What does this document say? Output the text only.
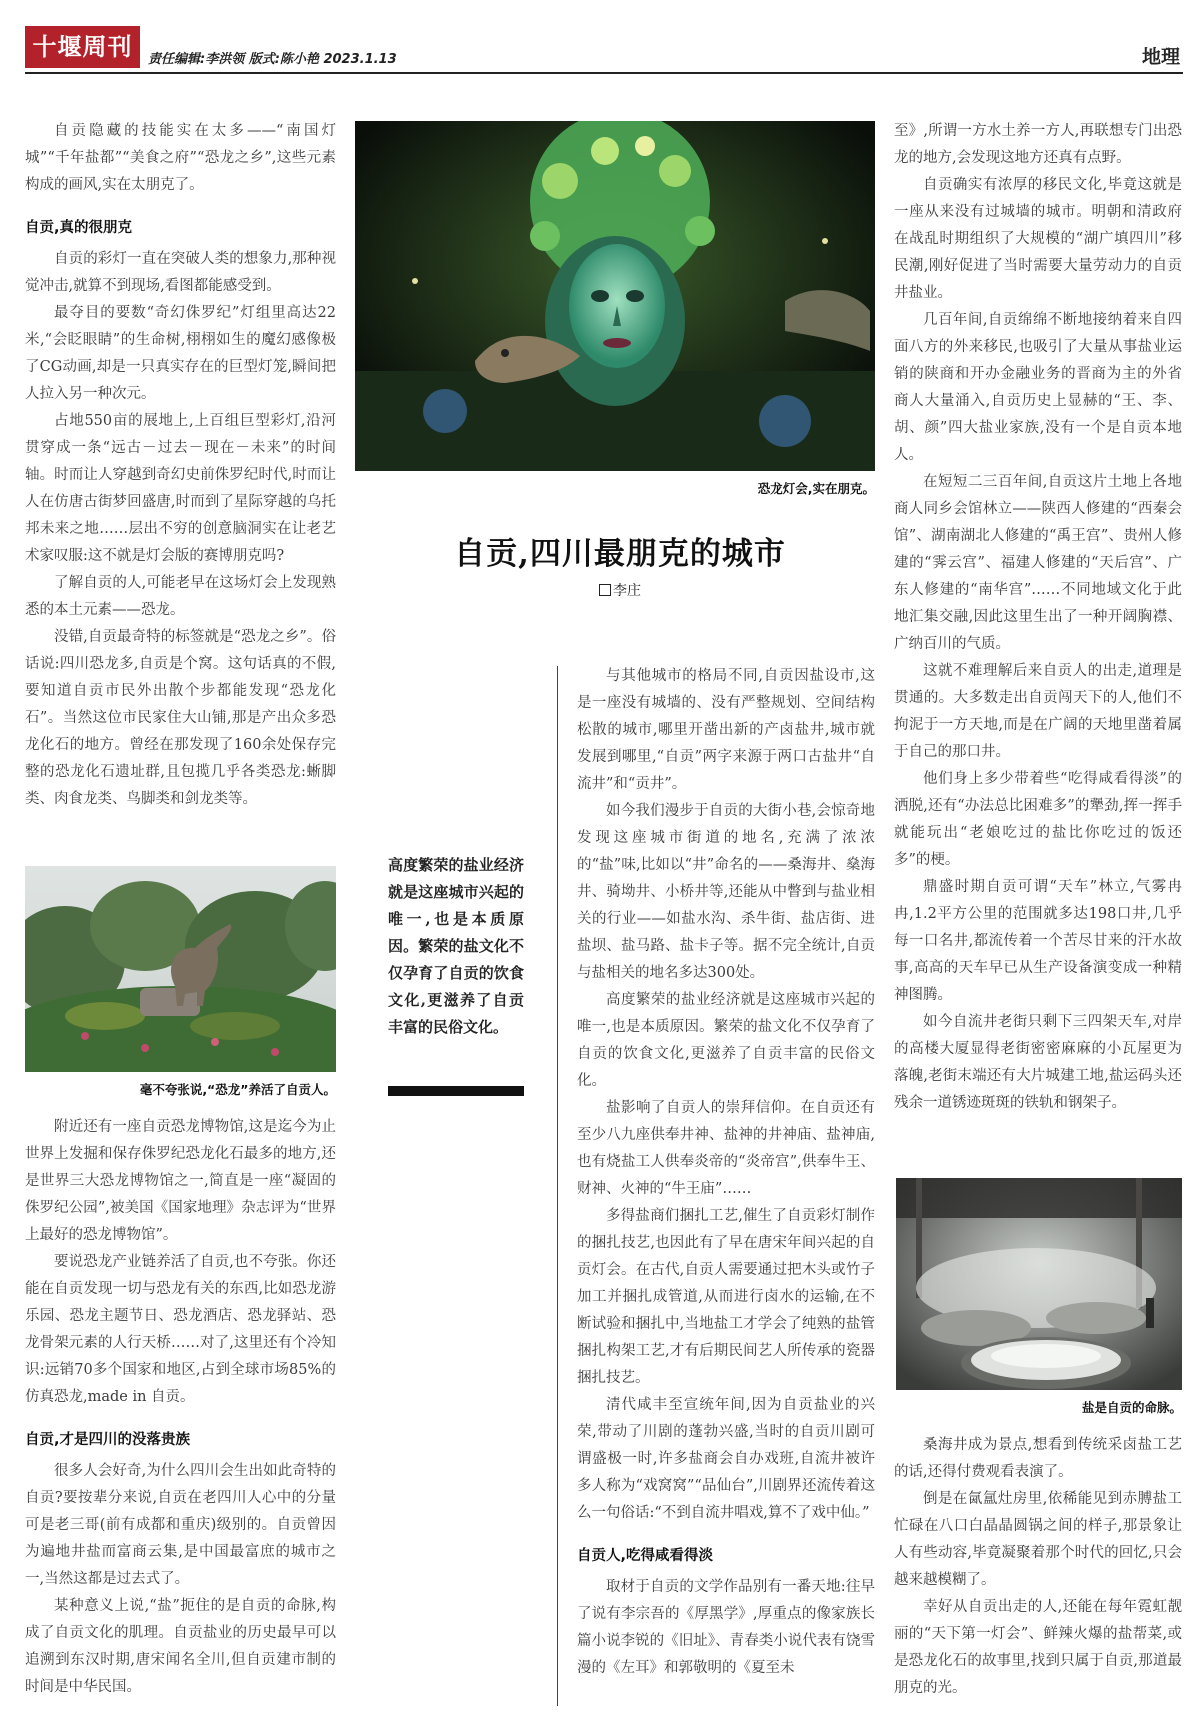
十堰周刊	责任编辑:李洪领 版式:陈小艳 2023.1.13	地理

自贡隐藏的技能实在太多——“南国灯城”“千年盐都”“美食之府”“恐龙之乡”,这些元素构成的画风,实在太朋克了。

自贡,真的很朋克

自贡的彩灯一直在突破人类的想象力,那种视觉冲击,就算不到现场,看图都能感受到。

最夺目的要数“奇幻侏罗纪”灯组里高达22米,“会眨眼睛”的生命树,栩栩如生的魔幻感像极了CG动画,却是一只真实存在的巨型灯笼,瞬间把人拉入另一种次元。

占地550亩的展地上,上百组巨型彩灯,沿河贯穿成一条“远古－过去－现在－未来”的时间轴。时而让人穿越到奇幻史前侏罗纪时代,时而让人在仿唐古街梦回盛唐,时而到了星际穿越的乌托邦未来之地……层出不穷的创意脑洞实在让老艺术家叹服:这不就是灯会版的赛博朋克吗?

了解自贡的人,可能老早在这场灯会上发现熟悉的本土元素——恐龙。

没错,自贡最奇特的标签就是“恐龙之乡”。俗话说:四川恐龙多,自贡是个窝。这句话真的不假,要知道自贡市民外出散个步都能发现“恐龙化石”。当然这位市民家住大山铺,那是产出众多恐龙化石的地方。曾经在那发现了160余处保存完整的恐龙化石遗址群,且包揽几乎各类恐龙:蜥脚类、肉食龙类、鸟脚类和剑龙类等。

毫不夸张说,“恐龙”养活了自贡人。

附近还有一座自贡恐龙博物馆,这是迄今为止世界上发掘和保存侏罗纪恐龙化石最多的地方,还是世界三大恐龙博物馆之一,简直是一座“凝固的侏罗纪公园”,被美国《国家地理》杂志评为“世界上最好的恐龙博物馆”。

要说恐龙产业链养活了自贡,也不夸张。你还能在自贡发现一切与恐龙有关的东西,比如恐龙游乐园、恐龙主题节日、恐龙酒店、恐龙驿站、恐龙骨架元素的人行天桥……对了,这里还有个冷知识:远销70多个国家和地区,占到全球市场85%的仿真恐龙,made in 自贡。

自贡,才是四川的没落贵族

很多人会好奇,为什么四川会生出如此奇特的自贡?要按辈分来说,自贡在老四川人心中的分量可是老三哥(前有成都和重庆)级别的。自贡曾因为遍地井盐而富商云集,是中国最富庶的城市之一,当然这都是过去式了。

某种意义上说,“盐”扼住的是自贡的命脉,构成了自贡文化的肌理。自贡盐业的历史最早可以追溯到东汉时期,唐宋闻名全川,但自贡建市制的时间是中华民国。

恐龙灯会,实在朋克。
自贡,四川最朋克的城市
李庄
高度繁荣的盐业经济就是这座城市兴起的唯一,也是本质原因。繁荣的盐文化不仅孕育了自贡的饮食文化,更滋养了自贡丰富的民俗文化。

与其他城市的格局不同,自贡因盐设市,这是一座没有城墙的、没有严整规划、空间结构松散的城市,哪里开凿出新的产卤盐井,城市就发展到哪里,“自贡”两字来源于两口古盐井“自流井”和“贡井”。

如今我们漫步于自贡的大街小巷,会惊奇地发现这座城市街道的地名,充满了浓浓的“盐”味,比如以“井”命名的——桑海井、燊海井、骑坳井、小桥井等,还能从中瞥到与盐业相关的行业——如盐水沟、杀牛街、盐店街、进盐坝、盐马路、盐卡子等。据不完全统计,自贡与盐相关的地名多达300处。

高度繁荣的盐业经济就是这座城市兴起的唯一,也是本质原因。繁荣的盐文化不仅孕育了自贡的饮食文化,更滋养了自贡丰富的民俗文化。

盐影响了自贡人的崇拜信仰。在自贡还有至少八九座供奉井神、盐神的井神庙、盐神庙,也有烧盐工人供奉炎帝的“炎帝宫”,供奉牛王、财神、火神的“牛王庙”……

多得盐商们捆扎工艺,催生了自贡彩灯制作的捆扎技艺,也因此有了早在唐宋年间兴起的自贡灯会。在古代,自贡人需要通过把木头或竹子加工并捆扎成管道,从而进行卤水的运输,在不断试验和捆扎中,当地盐工才学会了纯熟的盐管捆扎构架工艺,才有后期民间艺人所传承的瓷器捆扎技艺。

清代咸丰至宣统年间,因为自贡盐业的兴荣,带动了川剧的蓬勃兴盛,当时的自贡川剧可谓盛极一时,许多盐商会自办戏班,自流井被许多人称为“戏窝窝”“品仙台”,川剧界还流传着这么一句俗话:“不到自流井唱戏,算不了戏中仙。”

自贡人,吃得咸看得淡

取材于自贡的文学作品别有一番天地:往早了说有李宗吾的《厚黑学》,厚重点的像家族长篇小说李锐的《旧址》、青春类小说代表有饶雪漫的《左耳》和郭敬明的《夏至未

至》,所谓一方水土养一方人,再联想专门出恐龙的地方,会发现这地方还真有点野。

自贡确实有浓厚的移民文化,毕竟这就是一座从来没有过城墙的城市。明朝和清政府在战乱时期组织了大规模的“湖广填四川”移民潮,刚好促进了当时需要大量劳动力的自贡井盐业。

几百年间,自贡绵绵不断地接纳着来自四面八方的外来移民,也吸引了大量从事盐业运销的陕商和开办金融业务的晋商为主的外省商人大量涌入,自贡历史上显赫的“王、李、胡、颜”四大盐业家族,没有一个是自贡本地人。

在短短二三百年间,自贡这片土地上各地商人同乡会馆林立——陕西人修建的“西秦会馆”、湖南湖北人修建的“禹王宫”、贵州人修建的“霁云宫”、福建人修建的“天后宫”、广东人修建的“南华宫”……不同地域文化于此地汇集交融,因此这里生出了一种开阔胸襟、广纳百川的气质。

这就不难理解后来自贡人的出走,道理是贯通的。大多数走出自贡闯天下的人,他们不拘泥于一方天地,而是在广阔的天地里凿着属于自己的那口井。

他们身上多少带着些“吃得咸看得淡”的洒脱,还有“办法总比困难多”的犟劲,挥一挥手就能玩出“老娘吃过的盐比你吃过的饭还多”的梗。

鼎盛时期自贡可谓“天车”林立,气雾冉冉,1.2平方公里的范围就多达198口井,几乎每一口名井,都流传着一个苦尽甘来的汗水故事,高高的天车早已从生产设备演变成一种精神图腾。

如今自流井老街只剩下三四架天车,对岸的高楼大厦显得老街密密麻麻的小瓦屋更为落魄,老街末端还有大片城建工地,盐运码头还残余一道锈迹斑斑的铁轨和钢架子。

盐是自贡的命脉。

桑海井成为景点,想看到传统采卤盐工艺的话,还得付费观看表演了。

倒是在氤氲灶房里,依稀能见到赤膊盐工忙碌在八口白晶晶圆锅之间的样子,那景象让人有些动容,毕竟凝聚着那个时代的回忆,只会越来越模糊了。

幸好从自贡出走的人,还能在每年霓虹靓丽的“天下第一灯会”、鲜辣火爆的盐帮菜,或是恐龙化石的故事里,找到只属于自贡,那道最朋克的光。
